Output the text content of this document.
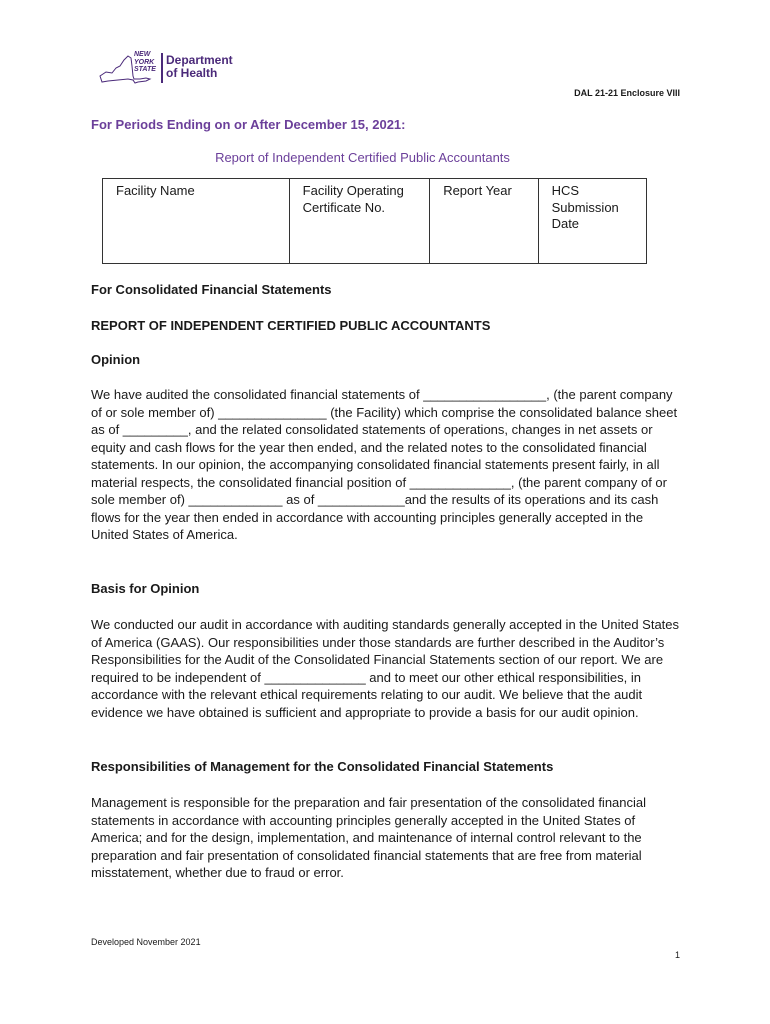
NEW YORK STATE
Department
of Health
DAL 21-21 Enclosure VIII
For Periods Ending on or After December 15, 2021:
Report of Independent Certified Public Accountants
Facility Name	Facility Operating Certificate No.	Report Year	HCS Submission Date
For Consolidated Financial Statements
REPORT OF INDEPENDENT CERTIFIED PUBLIC ACCOUNTANTS
Opinion
We have audited the consolidated financial statements of _________________, (the parent company of or sole member of) _______________ (the Facility) which comprise the consolidated balance sheet as of _________, and the related consolidated statements of operations, changes in net assets or equity and cash flows for the year then ended, and the related notes to the consolidated financial statements. In our opinion, the accompanying consolidated financial statements present fairly, in all material respects, the consolidated financial position of ______________, (the parent company of or sole member of) _____________ as of ____________and the results of its operations and its cash flows for the year then ended in accordance with accounting principles generally accepted in the United States of America.
Basis for Opinion
We conducted our audit in accordance with auditing standards generally accepted in the United States of America (GAAS). Our responsibilities under those standards are further described in the Auditor’s Responsibilities for the Audit of the Consolidated Financial Statements section of our report. We are required to be independent of ______________ and to meet our other ethical responsibilities, in accordance with the relevant ethical requirements relating to our audit. We believe that the audit evidence we have obtained is sufficient and appropriate to provide a basis for our audit opinion.
Responsibilities of Management for the Consolidated Financial Statements
Management is responsible for the preparation and fair presentation of the consolidated financial statements in accordance with accounting principles generally accepted in the United States of America; and for the design, implementation, and maintenance of internal control relevant to the preparation and fair presentation of consolidated financial statements that are free from material misstatement, whether due to fraud or error.
Developed November 2021
1
